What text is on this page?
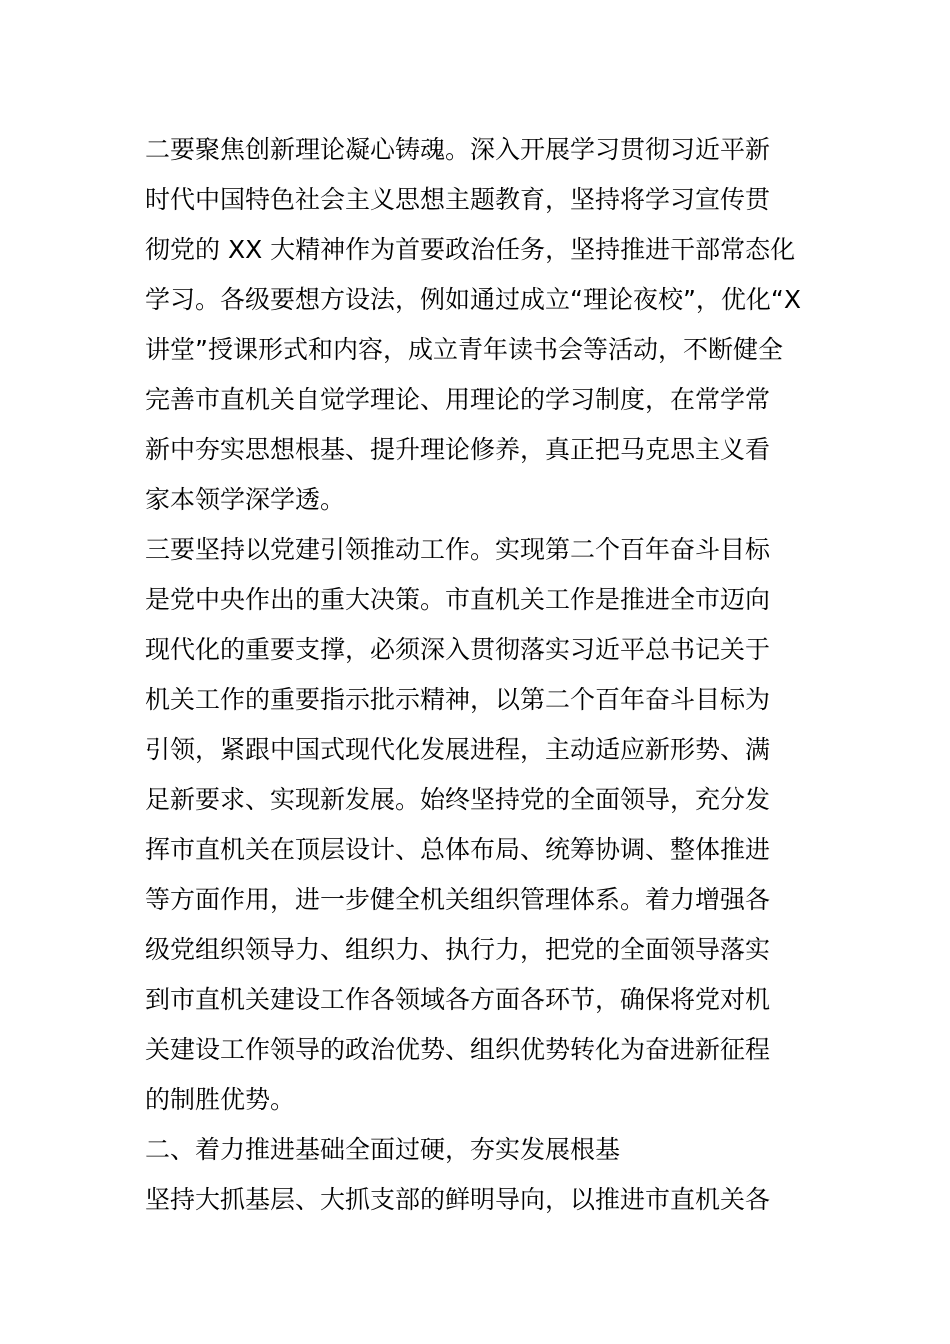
二要聚焦创新理论凝心铸魂。深入开展学习贯彻习近平新
时代中国特色社会主义思想主题教育，坚持将学习宣传贯
彻党的 XX 大精神作为首要政治任务，坚持推进干部常态化
学习。各级要想方设法，例如通过成立“理论夜校”，优化“X
讲堂”授课形式和内容，成立青年读书会等活动，不断健全
完善市直机关自觉学理论、用理论的学习制度，在常学常
新中夯实思想根基、提升理论修养，真正把马克思主义看
家本领学深学透。
三要坚持以党建引领推动工作。实现第二个百年奋斗目标
是党中央作出的重大决策。市直机关工作是推进全市迈向
现代化的重要支撑，必须深入贯彻落实习近平总书记关于
机关工作的重要指示批示精神，以第二个百年奋斗目标为
引领，紧跟中国式现代化发展进程，主动适应新形势、满
足新要求、实现新发展。始终坚持党的全面领导，充分发
挥市直机关在顶层设计、总体布局、统筹协调、整体推进
等方面作用，进一步健全机关组织管理体系。着力增强各
级党组织领导力、组织力、执行力，把党的全面领导落实
到市直机关建设工作各领域各方面各环节，确保将党对机
关建设工作领导的政治优势、组织优势转化为奋进新征程
的制胜优势。
二、着力推进基础全面过硬，夯实发展根基
坚持大抓基层、大抓支部的鲜明导向，以推进市直机关各
